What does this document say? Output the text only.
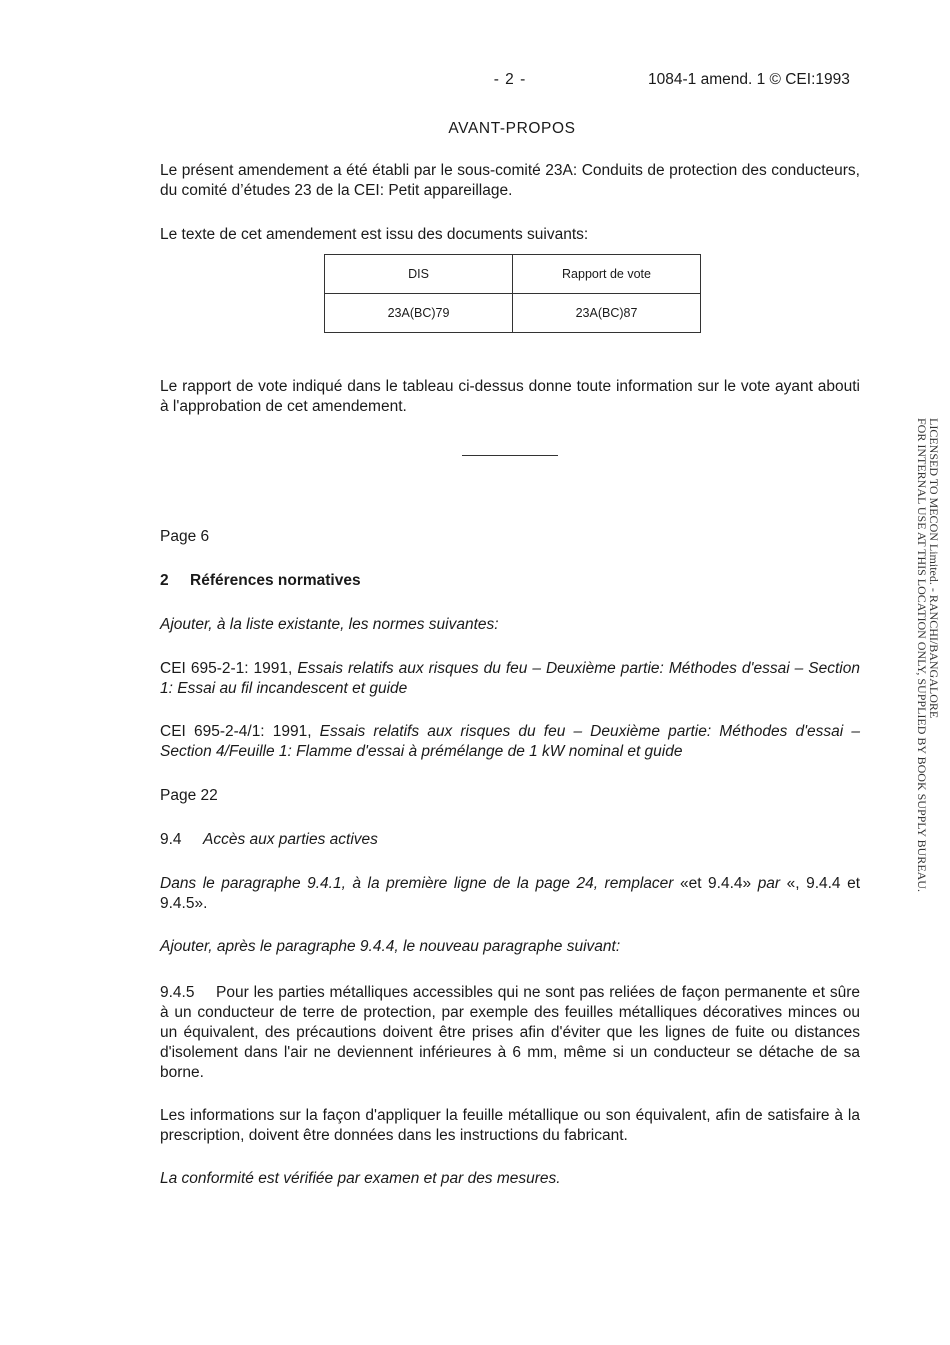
- 2 -	1084-1 amend. 1 © CEI:1993
AVANT-PROPOS
Le présent amendement a été établi par le sous-comité 23A: Conduits de protection des conducteurs, du comité d’études 23 de la CEI: Petit appareillage.
Le texte de cet amendement est issu des documents suivants:
DIS	Rapport de vote
23A(BC)79	23A(BC)87
Le rapport de vote indiqué dans le tableau ci-dessus donne toute information sur le vote ayant abouti à l'approbation de cet amendement.
Page 6
2 Références normatives
Ajouter, à la liste existante, les normes suivantes:
CEI 695-2-1: 1991, Essais relatifs aux risques du feu – Deuxième partie: Méthodes d'essai – Section 1: Essai au fil incandescent et guide
CEI 695-2-4/1: 1991, Essais relatifs aux risques du feu – Deuxième partie: Méthodes d'essai – Section 4/Feuille 1: Flamme d'essai à prémélange de 1 kW nominal et guide
Page 22
9.4 Accès aux parties actives
Dans le paragraphe 9.4.1, à la première ligne de la page 24, remplacer «et 9.4.4» par «, 9.4.4 et 9.4.5».
Ajouter, après le paragraphe 9.4.4, le nouveau paragraphe suivant:
9.4.5 Pour les parties métalliques accessibles qui ne sont pas reliées de façon permanente et sûre à un conducteur de terre de protection, par exemple des feuilles métalliques décoratives minces ou un équivalent, des précautions doivent être prises afin d'éviter que les lignes de fuite ou distances d'isolement dans l'air ne deviennent inférieures à 6 mm, même si un conducteur se détache de sa borne.
Les informations sur la façon d'appliquer la feuille métallique ou son équivalent, afin de satisfaire à la prescription, doivent être données dans les instructions du fabricant.
La conformité est vérifiée par examen et par des mesures.
LICENSED TO MECON Limited. - RANCHI/BANGALORE
FOR INTERNAL USE AT THIS LOCATION ONLY, SUPPLIED BY BOOK SUPPLY BUREAU.
